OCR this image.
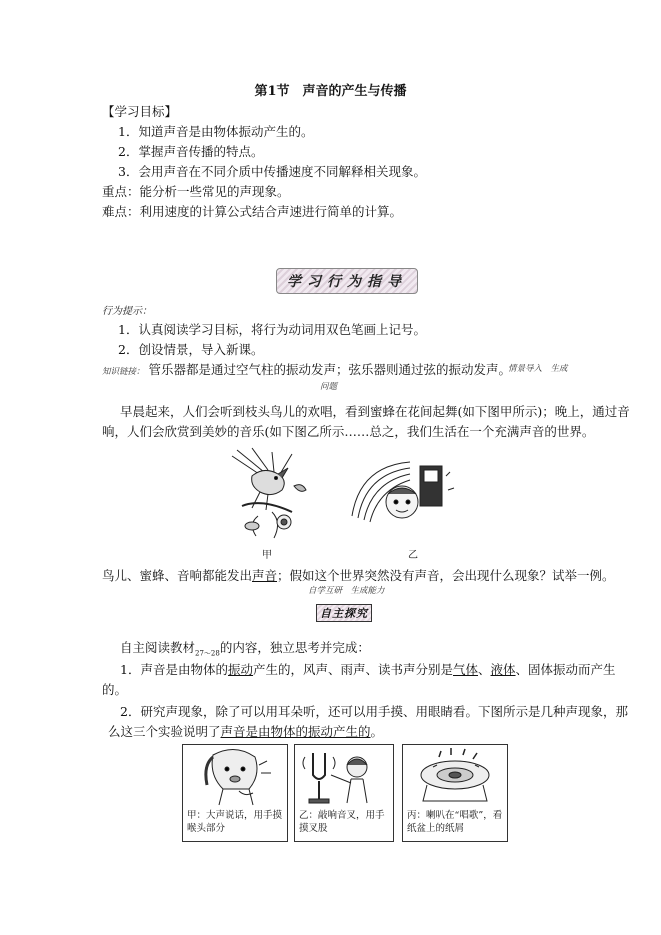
第1节　声音的产生与传播
【学习目标】
1．知道声音是由物体振动产生的。
2．掌握声音传播的特点。
3．会用声音在不同介质中传播速度不同解释相关现象。
重点：能分析一些常见的声现象。
难点：利用速度的计算公式结合声速进行简单的计算。
学习行为指导
行为提示：
1．认真阅读学习目标，将行为动词用双色笔画上记号。
2．创设情景，导入新课。
知识链接： 管乐器都是通过空气柱的振动发声；弦乐器则通过弦的振动发声。
情景导入　生成
问题
早晨起来，人们会听到枝头鸟儿的欢唱，看到蜜蜂在花间起舞(如下图甲所示)；晚上，通过音
响，人们会欣赏到美妙的音乐(如下图乙所示……总之，我们生活在一个充满声音的世界。
甲	乙
鸟儿、蜜蜂、音响都能发出声音；假如这个世界突然没有声音，会出现什么现象？试举一例。
自学互研　生成能力
自主探究
自主阅读教材$_{27\sim 28}$的内容，独立思考并完成：
1．声音是由物体的振动产生的，风声、雨声、读书声分别是气体、液体、固体振动而产生
的。
2．研究声现象，除了可以用耳朵听，还可以用手摸、用眼睛看。下图所示是几种声现象，那
么这三个实验说明了声音是由物体的振动产生的。
甲：大声说话，用手摸喉头部分
乙：敲响音叉，用手摸叉股
丙：喇叭在“唱歌”，看纸盆上的纸屑
